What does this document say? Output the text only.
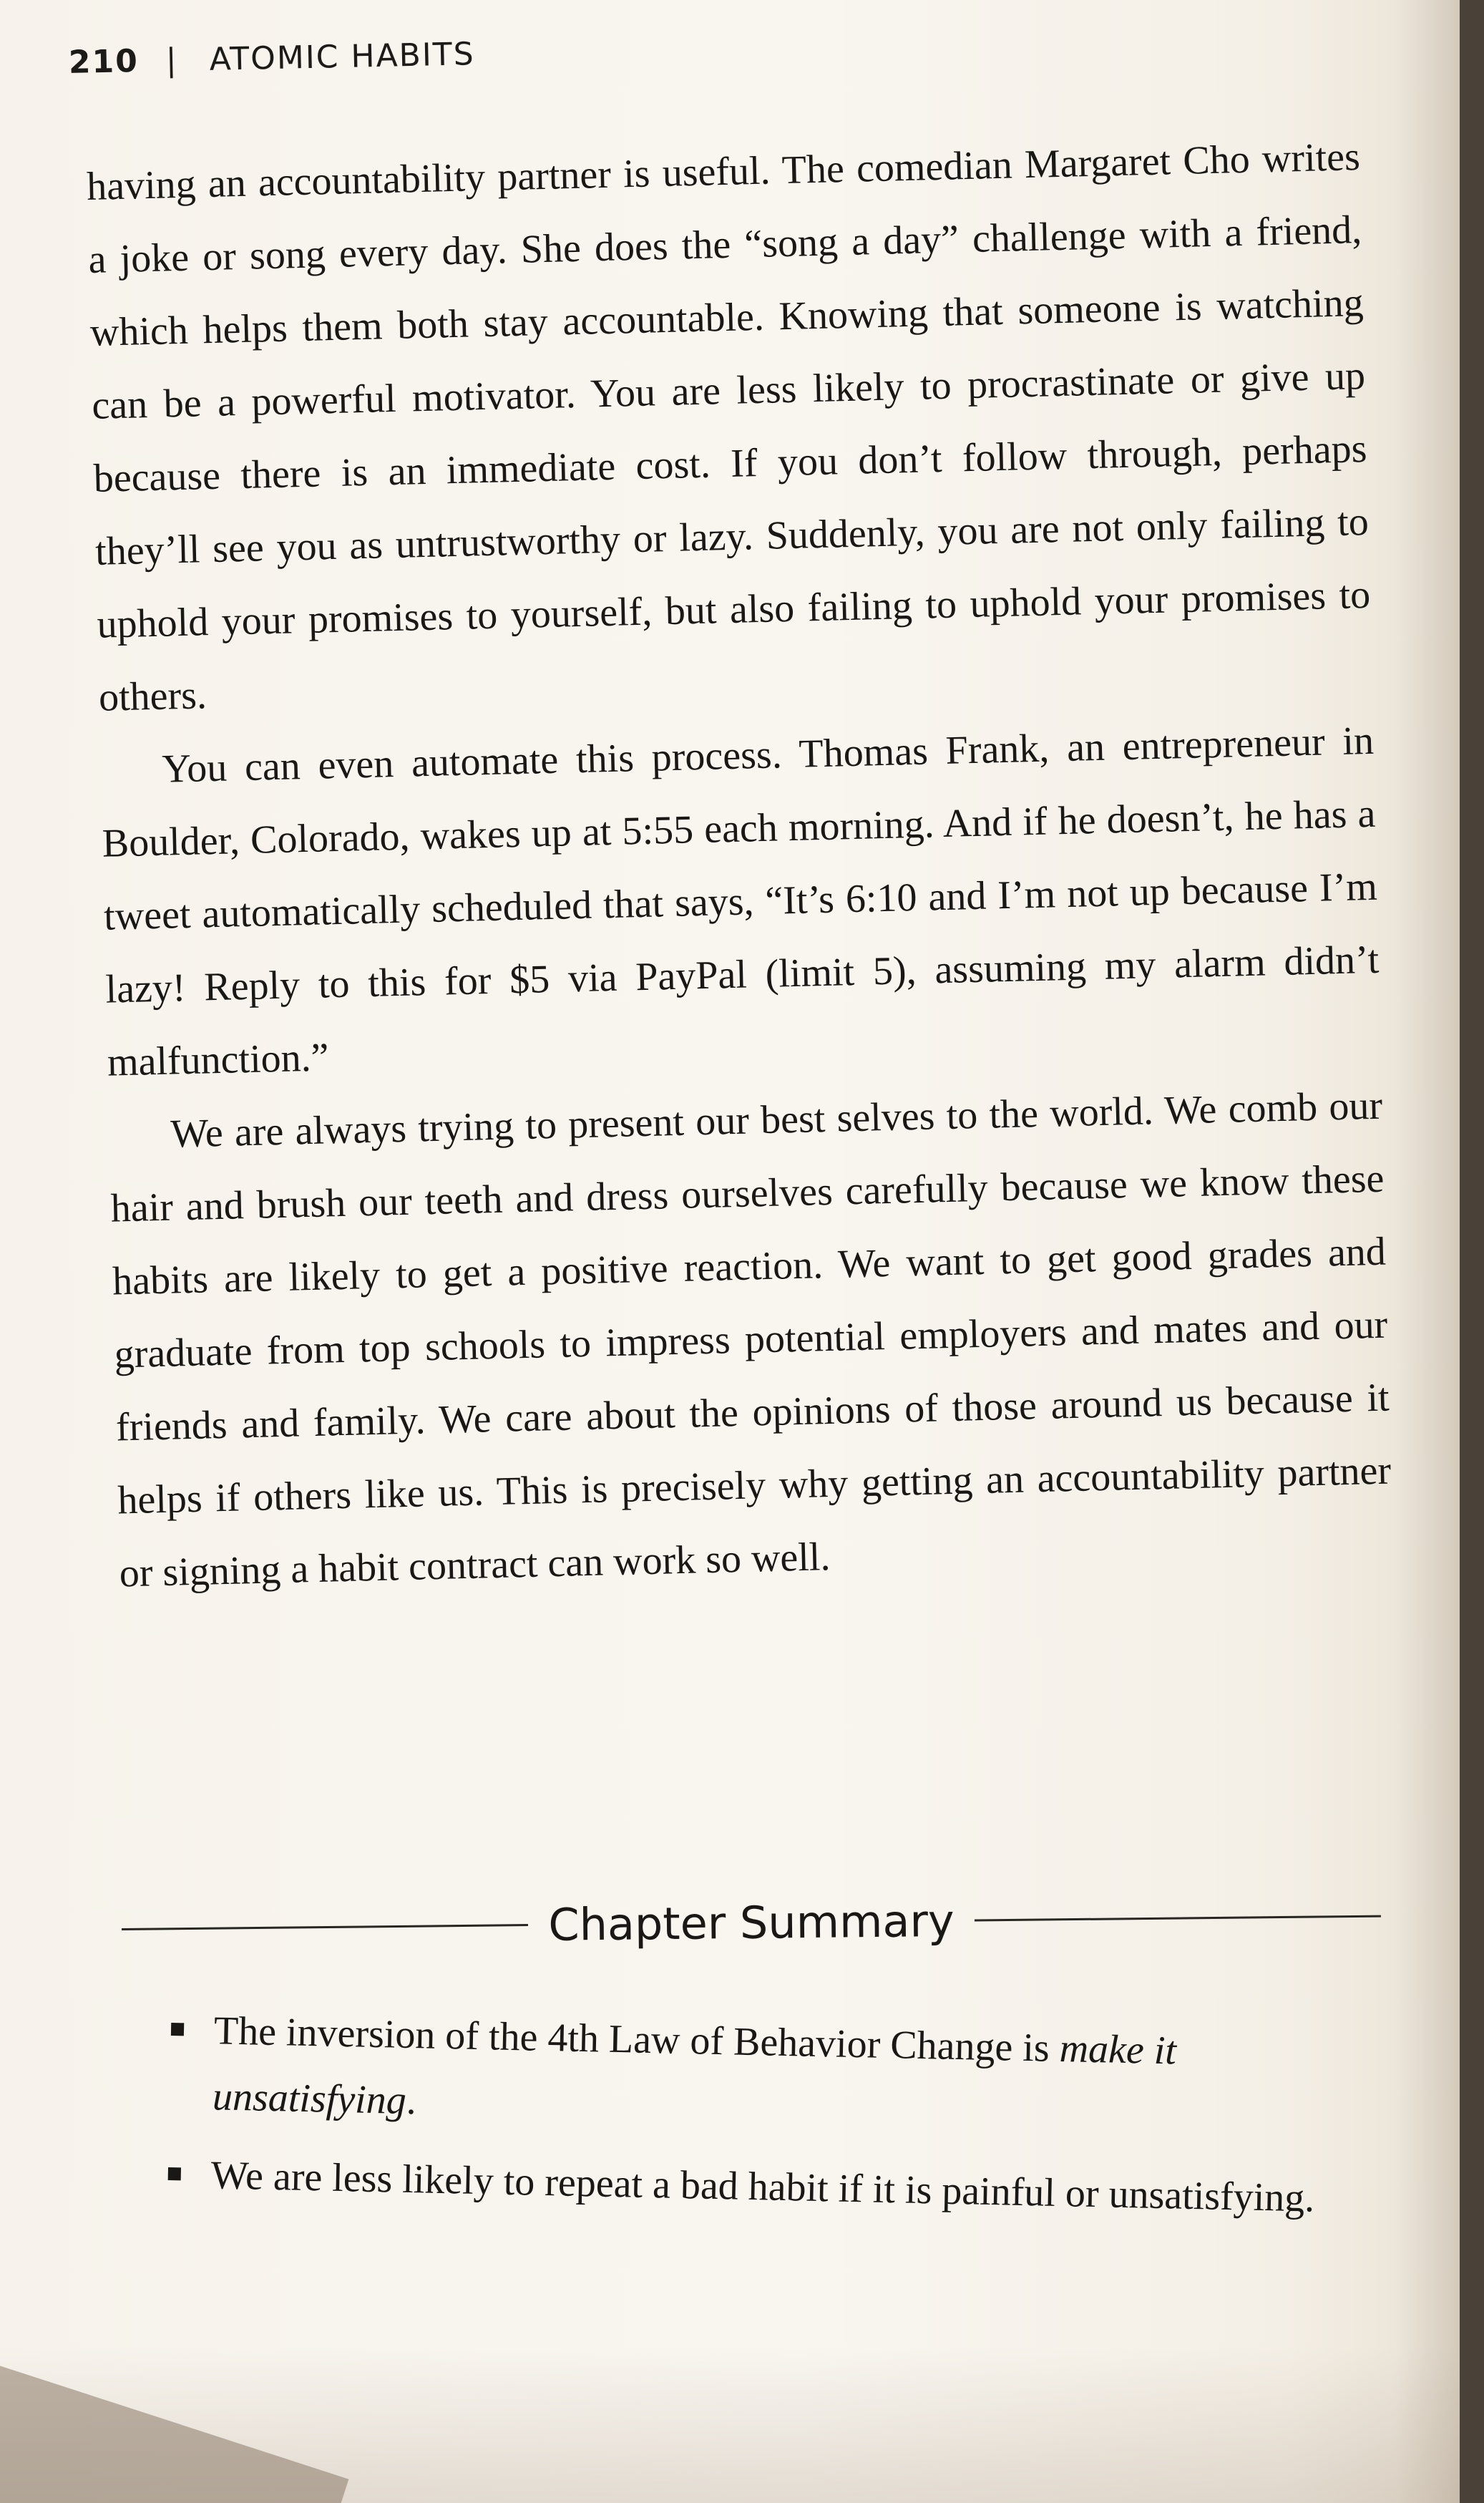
210 | ATOMIC HABITS

having an accountability partner is useful. The comedian Margaret Cho writes a joke or song every day. She does the “song a day” challenge with a friend, which helps them both stay accountable. Knowing that someone is watching can be a powerful motivator. You are less likely to procrastinate or give up because there is an immediate cost. If you don’t follow through, perhaps they’ll see you as untrustworthy or lazy. Suddenly, you are not only failing to uphold your promises to yourself, but also failing to uphold your promises to others.

You can even automate this process. Thomas Frank, an entrepreneur in Boulder, Colorado, wakes up at 5:55 each morning. And if he doesn’t, he has a tweet automatically scheduled that says, “It’s 6:10 and I’m not up because I’m lazy! Reply to this for $5 via PayPal (limit 5), assuming my alarm didn’t malfunction.”

We are always trying to present our best selves to the world. We comb our hair and brush our teeth and dress ourselves carefully because we know these habits are likely to get a positive reaction. We want to get good grades and graduate from top schools to impress potential employers and mates and our friends and family. We care about the opinions of those around us because it helps if others like us. This is precisely why getting an accountability partner or signing a habit contract can work so well.

Chapter Summary
The inversion of the 4th Law of Behavior Change is make it unsatisfying.
We are less likely to repeat a bad habit if it is painful or unsatisfying.
